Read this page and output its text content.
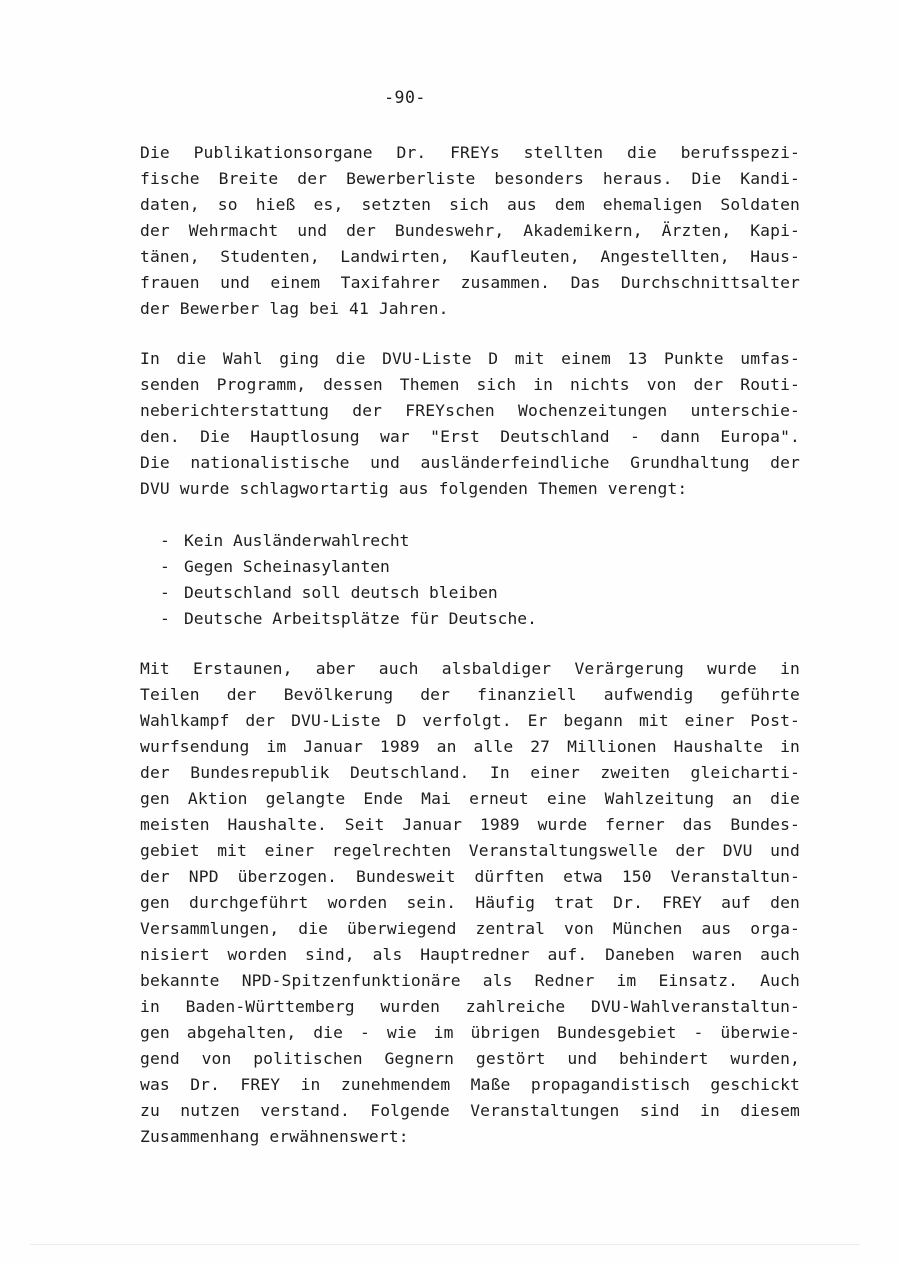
-90-
Die Publikationsorgane Dr. FREYs stellten die berufsspezi-
fische Breite der Bewerberliste besonders heraus. Die Kandi-
daten, so hieß es, setzten sich aus dem ehemaligen Soldaten
der Wehrmacht und der Bundeswehr, Akademikern, Ärzten, Kapi-
tänen, Studenten, Landwirten, Kaufleuten, Angestellten, Haus-
frauen und einem Taxifahrer zusammen. Das Durchschnittsalter
der Bewerber lag bei 41 Jahren.
In die Wahl ging die DVU-Liste D mit einem 13 Punkte umfas-
senden Programm, dessen Themen sich in nichts von der Routi-
neberichterstattung der FREYschen Wochenzeitungen unterschie-
den. Die Hauptlosung war "Erst Deutschland - dann Europa".
Die nationalistische und ausländerfeindliche Grundhaltung der
DVU wurde schlagwortartig aus folgenden Themen verengt:
- Kein Ausländerwahlrecht
- Gegen Scheinasylanten
- Deutschland soll deutsch bleiben
- Deutsche Arbeitsplätze für Deutsche.
Mit Erstaunen, aber auch alsbaldiger Verärgerung wurde in
Teilen der Bevölkerung der finanziell aufwendig geführte
Wahlkampf der DVU-Liste D verfolgt. Er begann mit einer Post-
wurfsendung im Januar 1989 an alle 27 Millionen Haushalte in
der Bundesrepublik Deutschland. In einer zweiten gleicharti-
gen Aktion gelangte Ende Mai erneut eine Wahlzeitung an die
meisten Haushalte. Seit Januar 1989 wurde ferner das Bundes-
gebiet mit einer regelrechten Veranstaltungswelle der DVU und
der NPD überzogen. Bundesweit dürften etwa 150 Veranstaltun-
gen durchgeführt worden sein. Häufig trat Dr. FREY auf den
Versammlungen, die überwiegend zentral von München aus orga-
nisiert worden sind, als Hauptredner auf. Daneben waren auch
bekannte NPD-Spitzenfunktionäre als Redner im Einsatz. Auch
in Baden-Württemberg wurden zahlreiche DVU-Wahlveranstaltun-
gen abgehalten, die - wie im übrigen Bundesgebiet - überwie-
gend von politischen Gegnern gestört und behindert wurden,
was Dr. FREY in zunehmendem Maße propagandistisch geschickt
zu nutzen verstand. Folgende Veranstaltungen sind in diesem
Zusammenhang erwähnenswert:
